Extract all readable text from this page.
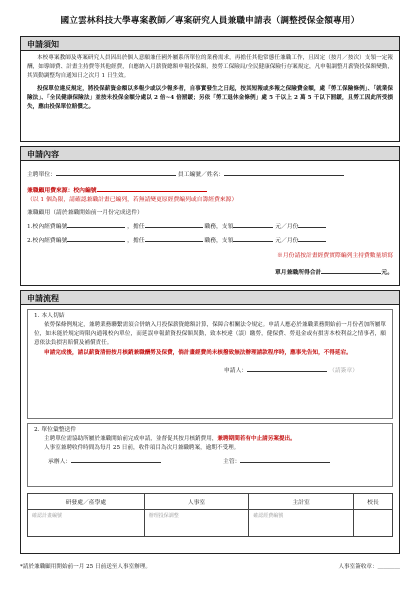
國立雲林科技大學專案教師／專案研究人員兼職申請表（調整授保金額專用）
申請須知
本校專案教師及專案研究人員因出於個人意願兼任國外屬系所單位的業務需求，再擔任其他常態任兼職工作，且固定（按月／按次）支領一定報酬，如導師費、計畫主持費等其他經費，自應納入月薪資總額申報投保額，按勞工保險局/全民健康保險行存案規定，凡申報調整月薪資投保額變動，其異動調整均自通知日之次月 1 日生效。
投保單位違反規定，將投保薪資金額以多報少或以少報多者，自事實發生之日起，按其短報或多報之保險費金額，處「勞工保險條例」、「就業保險法」、「全民健康保險法」並按未投保金額分處以 2 倍~4 倍罰鍰；另依「勞工退休金條例」處 5 千以上 2 萬 5 千以下罰鍰，且勞工因此所受損失，應由投保單位賠償之。
申請內容
主聘單位：	員工編號／姓名：
兼職顧用費來源：校內編號
（以 1 個為限，請確認兼職計畫已編列，若無請變更原經費編列或自籌經費來源）
兼職顧用（請於兼職開始前一月份完成送件）
1.校內經費編號	，擔任	職務，支領	元／月份
2.校內經費編號	，擔任	職務，支領	元／月份
※月份請按計畫經費實際編列主持費數量填寫
單月兼職所得合計	元。
申請流程
1. 本人切結
依勞保條例規定，兼聘業務聯繫需須合併納入月投保薪資總額計算，保障合相關法令規定。申請人應必於兼職業務開始前一月份者加所屬單位，如未能於規定時限內通報校內單位，而延誤申報薪資投保額異動，致本校違（誤）繳勞，健保費、勞退金或有損害本校利益之情事者，願意依法負損害賠償及補償責任。
申請完成後，請以薪資清冊按月核銷兼職酬勞及保費，倘計畫經費尚未核撥致無法辦理請款程序時，應事先告知，不得延宕。
申請人：	（請簽章）
2. 單位彙整送件
主聘單位需協助所屬於兼職開始前完成申請，並督促其按月核銷費用，兼聘期間若有中止請另案提出。
人事室兼聘收件時間為每月 25 日前，收件項目為次月兼職聘案，逾期不受理。
承辦人：	主管：
研發處／產學處	人事室	主計室	校長
確認計畫編號	辦理投保調整	確認經費編號	
*請於兼職顧用開始前一月 25 日前送至人事室辦理。	人事室簽收章：＿＿＿＿
